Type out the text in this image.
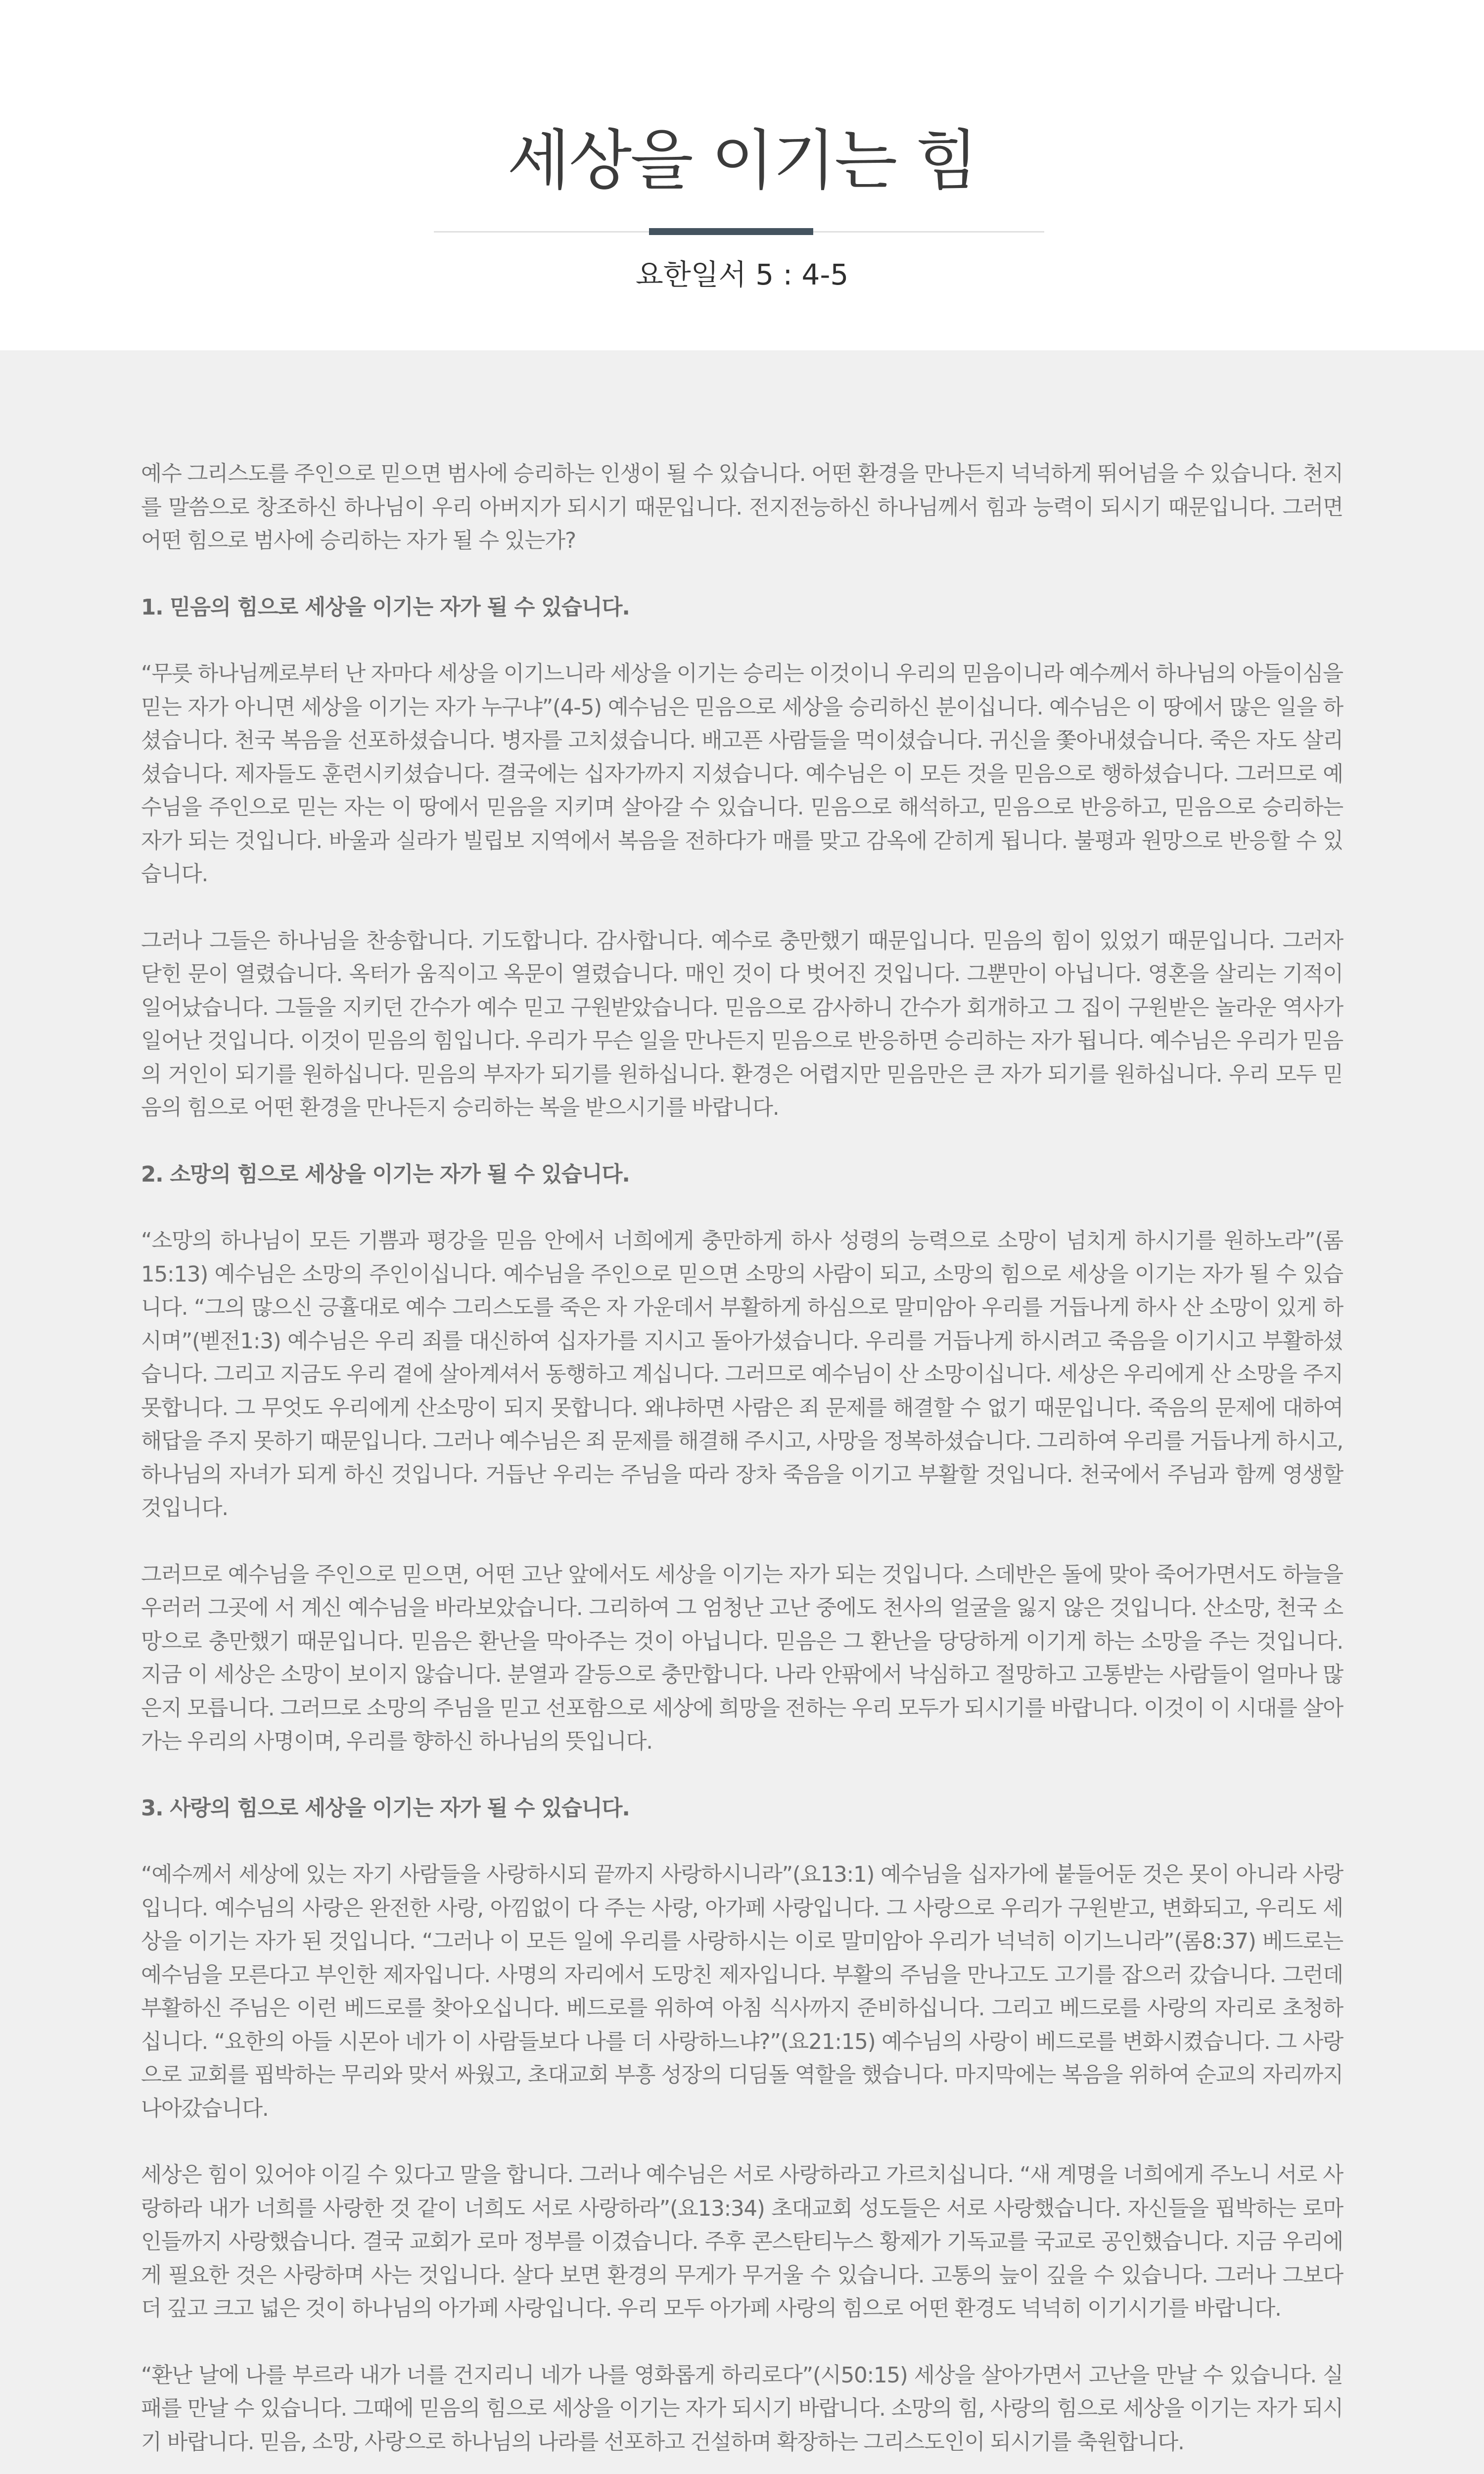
세상을 이기는 힘

요한일서 5 : 4-5

예수 그리스도를 주인으로 믿으면 범사에 승리하는 인생이 될 수 있습니다. 어떤 환경을 만나든지 넉넉하게 뛰어넘을 수 있습니다. 천지를 말씀으로 창조하신 하나님이 우리 아버지가 되시기 때문입니다. 전지전능하신 하나님께서 힘과 능력이 되시기 때문입니다. 그러면 어떤 힘으로 범사에 승리하는 자가 될 수 있는가?

1. 믿음의 힘으로 세상을 이기는 자가 될 수 있습니다.

“무릇 하나님께로부터 난 자마다 세상을 이기느니라 세상을 이기는 승리는 이것이니 우리의 믿음이니라 예수께서 하나님의 아들이심을 믿는 자가 아니면 세상을 이기는 자가 누구냐”(4-5) 예수님은 믿음으로 세상을 승리하신 분이십니다. 예수님은 이 땅에서 많은 일을 하셨습니다. 천국 복음을 선포하셨습니다. 병자를 고치셨습니다. 배고픈 사람들을 먹이셨습니다. 귀신을 쫓아내셨습니다. 죽은 자도 살리셨습니다. 제자들도 훈련시키셨습니다. 결국에는 십자가까지 지셨습니다. 예수님은 이 모든 것을 믿음으로 행하셨습니다. 그러므로 예수님을 주인으로 믿는 자는 이 땅에서 믿음을 지키며 살아갈 수 있습니다. 믿음으로 해석하고, 믿음으로 반응하고, 믿음으로 승리하는 자가 되는 것입니다. 바울과 실라가 빌립보 지역에서 복음을 전하다가 매를 맞고 감옥에 갇히게 됩니다. 불평과 원망으로 반응할 수 있습니다.

그러나 그들은 하나님을 찬송합니다. 기도합니다. 감사합니다. 예수로 충만했기 때문입니다. 믿음의 힘이 있었기 때문입니다. 그러자 닫힌 문이 열렸습니다. 옥터가 움직이고 옥문이 열렸습니다. 매인 것이 다 벗어진 것입니다. 그뿐만이 아닙니다. 영혼을 살리는 기적이 일어났습니다. 그들을 지키던 간수가 예수 믿고 구원받았습니다. 믿음으로 감사하니 간수가 회개하고 그 집이 구원받은 놀라운 역사가 일어난 것입니다. 이것이 믿음의 힘입니다. 우리가 무슨 일을 만나든지 믿음으로 반응하면 승리하는 자가 됩니다. 예수님은 우리가 믿음의 거인이 되기를 원하십니다. 믿음의 부자가 되기를 원하십니다. 환경은 어렵지만 믿음만은 큰 자가 되기를 원하십니다. 우리 모두 믿음의 힘으로 어떤 환경을 만나든지 승리하는 복을 받으시기를 바랍니다.

2. 소망의 힘으로 세상을 이기는 자가 될 수 있습니다.

“소망의 하나님이 모든 기쁨과 평강을 믿음 안에서 너희에게 충만하게 하사 성령의 능력으로 소망이 넘치게 하시기를 원하노라”(롬15:13) 예수님은 소망의 주인이십니다. 예수님을 주인으로 믿으면 소망의 사람이 되고, 소망의 힘으로 세상을 이기는 자가 될 수 있습니다. “그의 많으신 긍휼대로 예수 그리스도를 죽은 자 가운데서 부활하게 하심으로 말미암아 우리를 거듭나게 하사 산 소망이 있게 하시며”(벧전1:3) 예수님은 우리 죄를 대신하여 십자가를 지시고 돌아가셨습니다. 우리를 거듭나게 하시려고 죽음을 이기시고 부활하셨습니다. 그리고 지금도 우리 곁에 살아계셔서 동행하고 계십니다. 그러므로 예수님이 산 소망이십니다. 세상은 우리에게 산 소망을 주지 못합니다. 그 무엇도 우리에게 산소망이 되지 못합니다. 왜냐하면 사람은 죄 문제를 해결할 수 없기 때문입니다. 죽음의 문제에 대하여 해답을 주지 못하기 때문입니다. 그러나 예수님은 죄 문제를 해결해 주시고, 사망을 정복하셨습니다. 그리하여 우리를 거듭나게 하시고, 하나님의 자녀가 되게 하신 것입니다. 거듭난 우리는 주님을 따라 장차 죽음을 이기고 부활할 것입니다. 천국에서 주님과 함께 영생할 것입니다.

그러므로 예수님을 주인으로 믿으면, 어떤 고난 앞에서도 세상을 이기는 자가 되는 것입니다. 스데반은 돌에 맞아 죽어가면서도 하늘을 우러러 그곳에 서 계신 예수님을 바라보았습니다. 그리하여 그 엄청난 고난 중에도 천사의 얼굴을 잃지 않은 것입니다. 산소망, 천국 소망으로 충만했기 때문입니다. 믿음은 환난을 막아주는 것이 아닙니다. 믿음은 그 환난을 당당하게 이기게 하는 소망을 주는 것입니다. 지금 이 세상은 소망이 보이지 않습니다. 분열과 갈등으로 충만합니다. 나라 안팎에서 낙심하고 절망하고 고통받는 사람들이 얼마나 많은지 모릅니다. 그러므로 소망의 주님을 믿고 선포함으로 세상에 희망을 전하는 우리 모두가 되시기를 바랍니다. 이것이 이 시대를 살아가는 우리의 사명이며, 우리를 향하신 하나님의 뜻입니다.

3. 사랑의 힘으로 세상을 이기는 자가 될 수 있습니다.

“예수께서 세상에 있는 자기 사람들을 사랑하시되 끝까지 사랑하시니라”(요13:1) 예수님을 십자가에 붙들어둔 것은 못이 아니라 사랑입니다. 예수님의 사랑은 완전한 사랑, 아낌없이 다 주는 사랑, 아가페 사랑입니다. 그 사랑으로 우리가 구원받고, 변화되고, 우리도 세상을 이기는 자가 된 것입니다. “그러나 이 모든 일에 우리를 사랑하시는 이로 말미암아 우리가 넉넉히 이기느니라”(롬8:37) 베드로는 예수님을 모른다고 부인한 제자입니다. 사명의 자리에서 도망친 제자입니다. 부활의 주님을 만나고도 고기를 잡으러 갔습니다. 그런데 부활하신 주님은 이런 베드로를 찾아오십니다. 베드로를 위하여 아침 식사까지 준비하십니다. 그리고 베드로를 사랑의 자리로 초청하십니다. “요한의 아들 시몬아 네가 이 사람들보다 나를 더 사랑하느냐?”(요21:15) 예수님의 사랑이 베드로를 변화시켰습니다. 그 사랑으로 교회를 핍박하는 무리와 맞서 싸웠고, 초대교회 부흥 성장의 디딤돌 역할을 했습니다. 마지막에는 복음을 위하여 순교의 자리까지 나아갔습니다.

세상은 힘이 있어야 이길 수 있다고 말을 합니다. 그러나 예수님은 서로 사랑하라고 가르치십니다. “새 계명을 너희에게 주노니 서로 사랑하라 내가 너희를 사랑한 것 같이 너희도 서로 사랑하라”(요13:34) 초대교회 성도들은 서로 사랑했습니다. 자신들을 핍박하는 로마인들까지 사랑했습니다. 결국 교회가 로마 정부를 이겼습니다. 주후 콘스탄티누스 황제가 기독교를 국교로 공인했습니다. 지금 우리에게 필요한 것은 사랑하며 사는 것입니다. 살다 보면 환경의 무게가 무거울 수 있습니다. 고통의 늪이 깊을 수 있습니다. 그러나 그보다 더 깊고 크고 넓은 것이 하나님의 아가페 사랑입니다. 우리 모두 아가페 사랑의 힘으로 어떤 환경도 넉넉히 이기시기를 바랍니다.

“환난 날에 나를 부르라 내가 너를 건지리니 네가 나를 영화롭게 하리로다”(시50:15) 세상을 살아가면서 고난을 만날 수 있습니다. 실패를 만날 수 있습니다. 그때에 믿음의 힘으로 세상을 이기는 자가 되시기 바랍니다. 소망의 힘, 사랑의 힘으로 세상을 이기는 자가 되시기 바랍니다. 믿음, 소망, 사랑으로 하나님의 나라를 선포하고 건설하며 확장하는 그리스도인이 되시기를 축원합니다.
